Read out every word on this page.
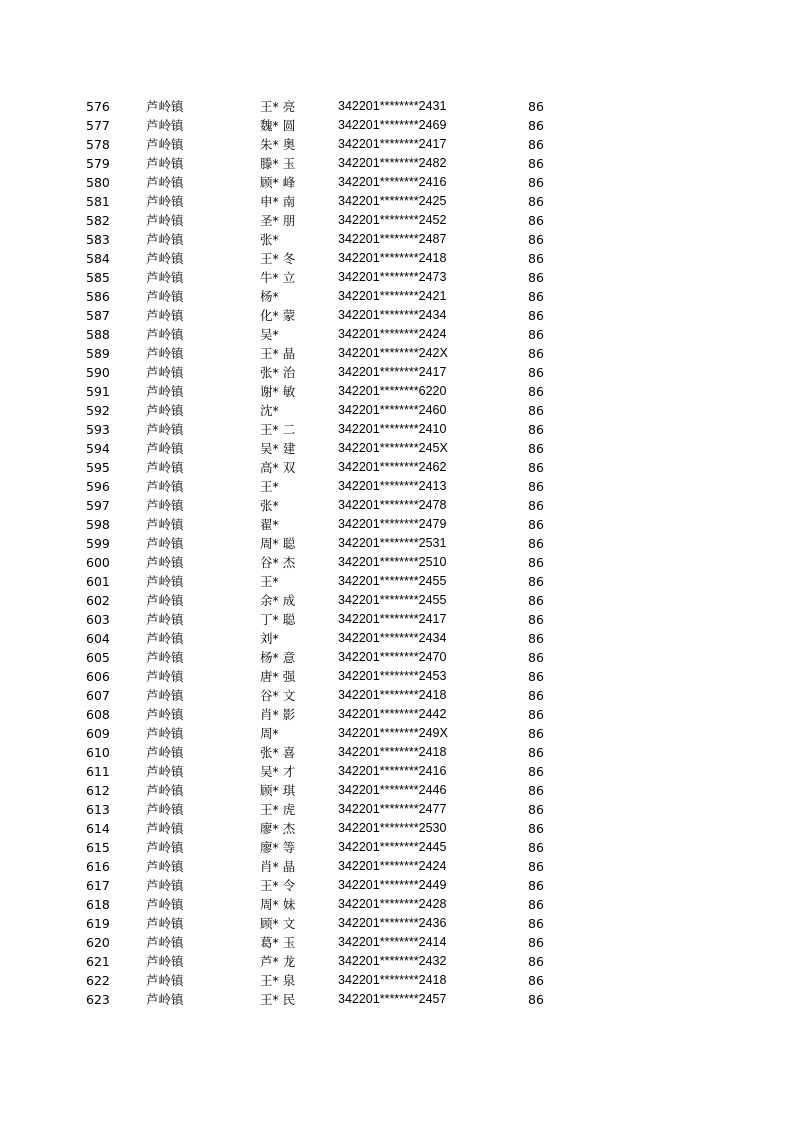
576	芦岭镇	王* 亮	342201********2431	86
577	芦岭镇	魏* 圆	342201********2469	86
578	芦岭镇	朱* 奥	342201********2417	86
579	芦岭镇	滕* 玉	342201********2482	86
580	芦岭镇	顾* 峰	342201********2416	86
581	芦岭镇	申* 南	342201********2425	86
582	芦岭镇	圣* 朋	342201********2452	86
583	芦岭镇	张*	342201********2487	86
584	芦岭镇	王* 冬	342201********2418	86
585	芦岭镇	牛* 立	342201********2473	86
586	芦岭镇	杨*	342201********2421	86
587	芦岭镇	化* 蒙	342201********2434	86
588	芦岭镇	吴*	342201********2424	86
589	芦岭镇	王* 晶	342201********242X	86
590	芦岭镇	张* 治	342201********2417	86
591	芦岭镇	谢* 敏	342201********6220	86
592	芦岭镇	沈*	342201********2460	86
593	芦岭镇	王* 二	342201********2410	86
594	芦岭镇	吴* 建	342201********245X	86
595	芦岭镇	高* 双	342201********2462	86
596	芦岭镇	王*	342201********2413	86
597	芦岭镇	张*	342201********2478	86
598	芦岭镇	翟*	342201********2479	86
599	芦岭镇	周* 聪	342201********2531	86
600	芦岭镇	谷* 杰	342201********2510	86
601	芦岭镇	王*	342201********2455	86
602	芦岭镇	余* 成	342201********2455	86
603	芦岭镇	丁* 聪	342201********2417	86
604	芦岭镇	刘*	342201********2434	86
605	芦岭镇	杨* 意	342201********2470	86
606	芦岭镇	唐* 强	342201********2453	86
607	芦岭镇	谷* 文	342201********2418	86
608	芦岭镇	肖* 影	342201********2442	86
609	芦岭镇	周*	342201********249X	86
610	芦岭镇	张* 喜	342201********2418	86
611	芦岭镇	吴* 才	342201********2416	86
612	芦岭镇	顾* 琪	342201********2446	86
613	芦岭镇	王* 虎	342201********2477	86
614	芦岭镇	廖* 杰	342201********2530	86
615	芦岭镇	廖* 等	342201********2445	86
616	芦岭镇	肖* 晶	342201********2424	86
617	芦岭镇	王* 令	342201********2449	86
618	芦岭镇	周* 妹	342201********2428	86
619	芦岭镇	顾* 文	342201********2436	86
620	芦岭镇	葛* 玉	342201********2414	86
621	芦岭镇	芦* 龙	342201********2432	86
622	芦岭镇	王* 泉	342201********2418	86
623	芦岭镇	王* 民	342201********2457	86
